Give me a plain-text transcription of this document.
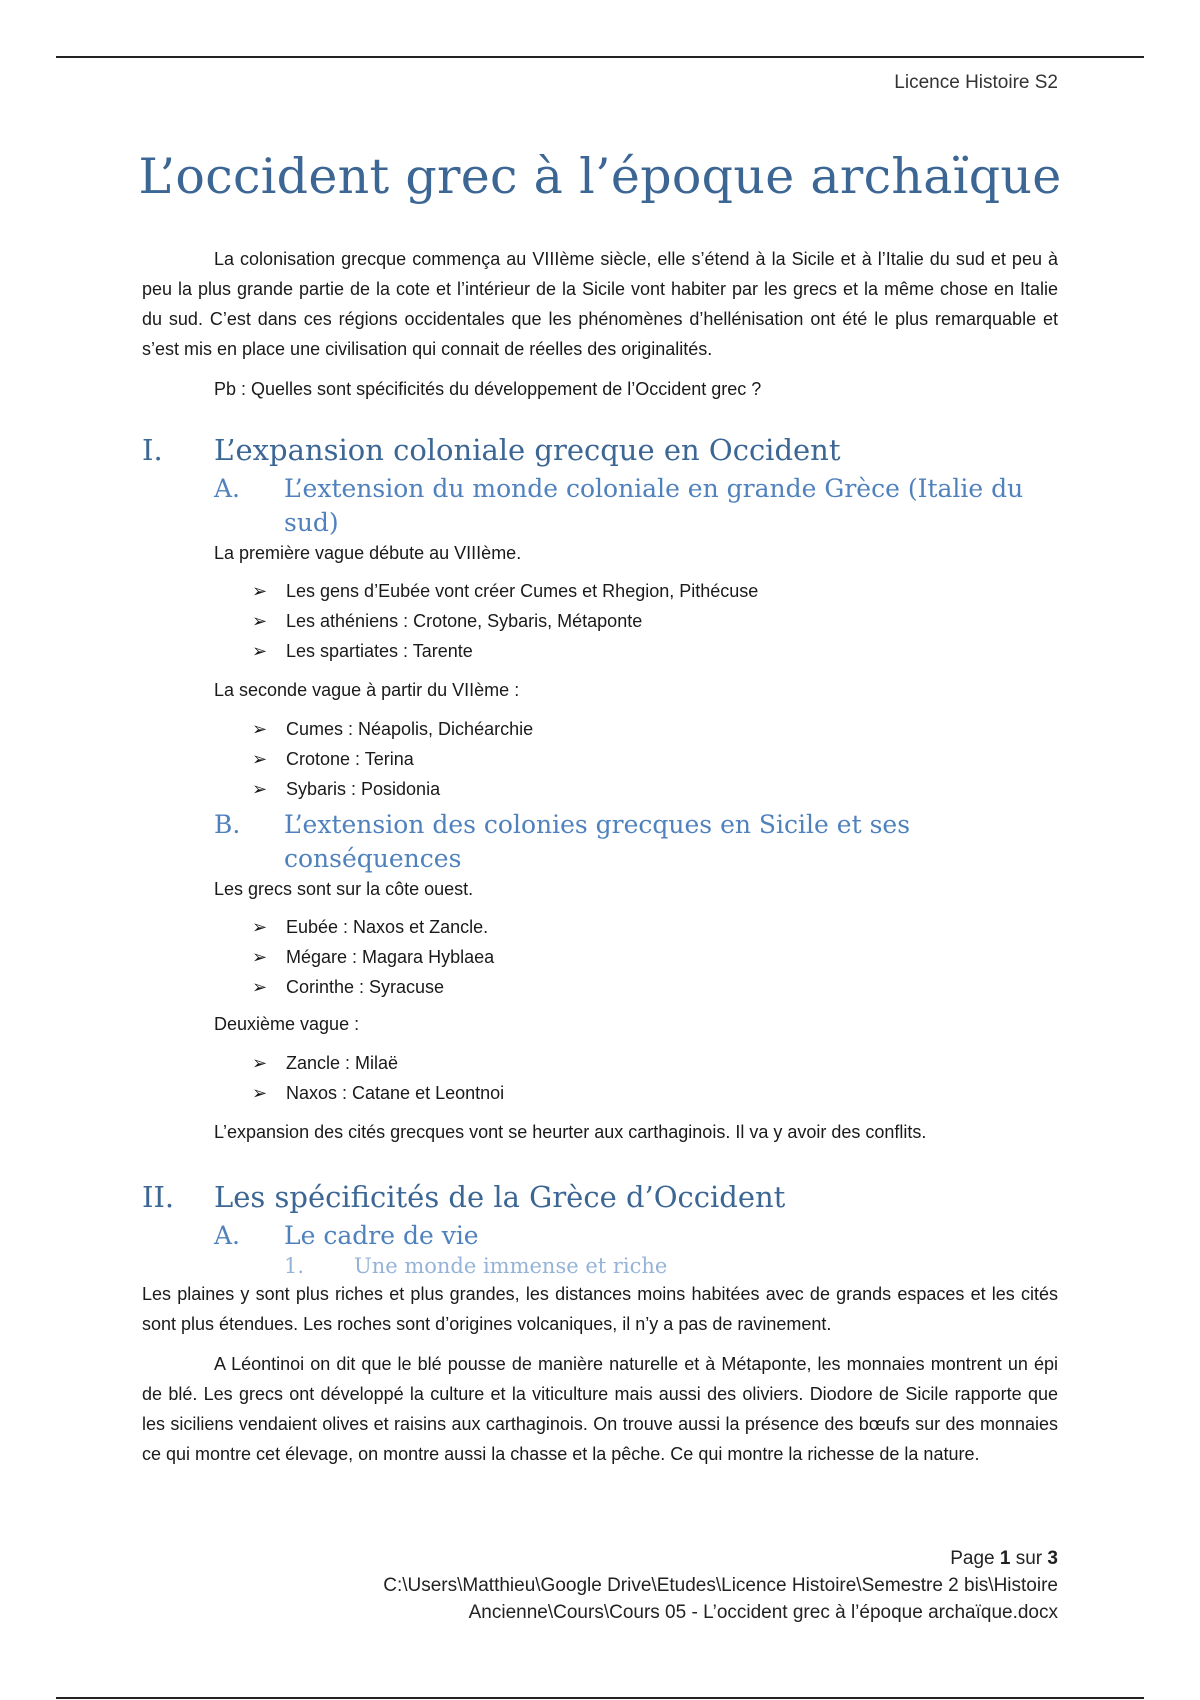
Licence Histoire S2
L’occident grec à l’époque archaïque

La colonisation grecque commença au VIIIème siècle, elle s’étend à la Sicile et à l’Italie du sud et peu à peu la plus grande partie de la cote et l’intérieur de la Sicile vont habiter par les grecs et la même chose en Italie du sud. C’est dans ces régions occidentales que les phénomènes d’hellénisation ont été le plus remarquable et s’est mis en place une civilisation qui connait de réelles des originalités.

Pb : Quelles sont spécificités du développement de l’Occident grec ?

I. L’expansion coloniale grecque en Occident
A. L’extension du monde coloniale en grande Grèce (Italie du sud)

La première vague débute au VIIIème.

➢ Les gens d’Eubée vont créer Cumes et Rhegion, Pithécuse
➢ Les athéniens : Crotone, Sybaris, Métaponte
➢ Les spartiates : Tarente

La seconde vague à partir du VIIème :

➢ Cumes : Néapolis, Dichéarchie
➢ Crotone : Terina
➢ Sybaris : Posidonia
B. L’extension des colonies grecques en Sicile et ses conséquences

Les grecs sont sur la côte ouest.

➢ Eubée : Naxos et Zancle.
➢ Mégare : Magara Hyblaea
➢ Corinthe : Syracuse

Deuxième vague :

➢ Zancle : Milaë
➢ Naxos : Catane et Leontnoi

L’expansion des cités grecques vont se heurter aux carthaginois. Il va y avoir des conflits.

II. Les spécificités de la Grèce d’Occident
A. Le cadre de vie
1. Une monde immense et riche

Les plaines y sont plus riches et plus grandes, les distances moins habitées avec de grands espaces et les cités sont plus étendues. Les roches sont d’origines volcaniques, il n’y a pas de ravinement.

A Léontinoi on dit que le blé pousse de manière naturelle et à Métaponte, les monnaies montrent un épi de blé. Les grecs ont développé la culture et la viticulture mais aussi des oliviers. Diodore de Sicile rapporte que les siciliens vendaient olives et raisins aux carthaginois. On trouve aussi la présence des bœufs sur des monnaies ce qui montre cet élevage, on montre aussi la chasse et la pêche. Ce qui montre la richesse de la nature.

Page 1 sur 3
C:\Users\Matthieu\Google Drive\Etudes\Licence Histoire\Semestre 2 bis\Histoire
Ancienne\Cours\Cours 05 - L’occident grec à l’époque archaïque.docx
